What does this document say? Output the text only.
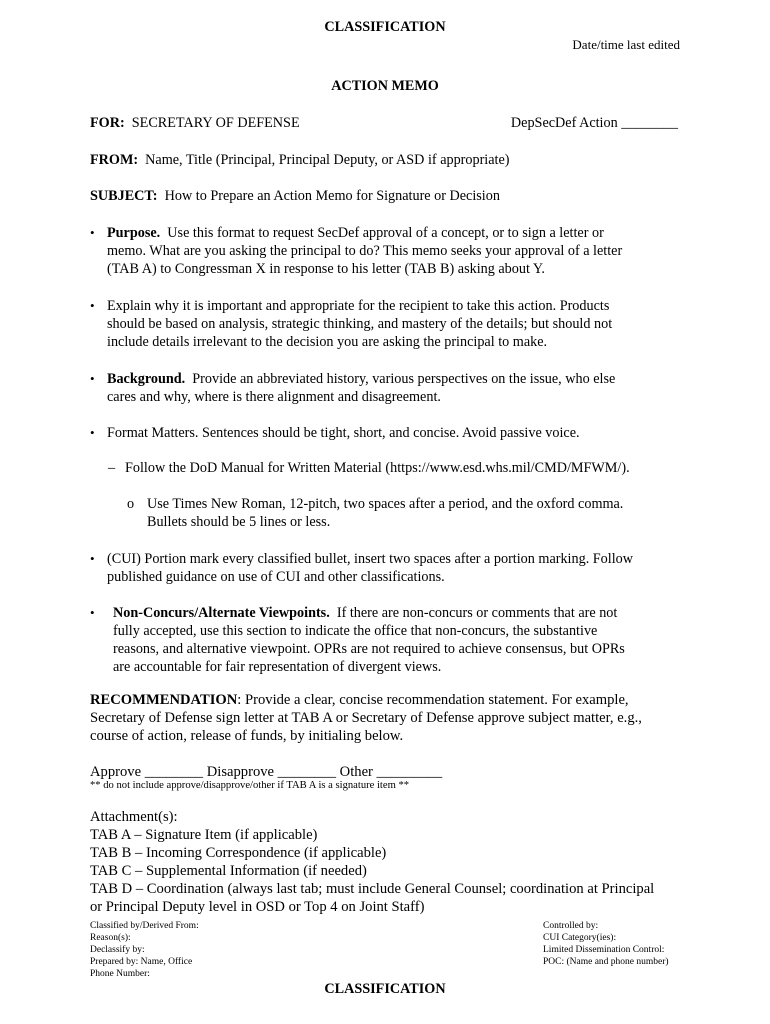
CLASSIFICATION
Date/time last edited
ACTION MEMO
FOR: SECRETARY OF DEFENSE	DepSecDef Action ________
FROM: Name, Title (Principal, Principal Deputy, or ASD if appropriate)
SUBJECT: How to Prepare an Action Memo for Signature or Decision
• Purpose. Use this format to request SecDef approval of a concept, or to sign a letter or
memo. What are you asking the principal to do? This memo seeks your approval of a letter
(TAB A) to Congressman X in response to his letter (TAB B) asking about Y.
• Explain why it is important and appropriate for the recipient to take this action. Products
should be based on analysis, strategic thinking, and mastery of the details; but should not
include details irrelevant to the decision you are asking the principal to make.
• Background. Provide an abbreviated history, various perspectives on the issue, who else
cares and why, where is there alignment and disagreement.
• Format Matters. Sentences should be tight, short, and concise. Avoid passive voice.
– Follow the DoD Manual for Written Material (https://www.esd.whs.mil/CMD/MFWM/).
o Use Times New Roman, 12-pitch, two spaces after a period, and the oxford comma.
Bullets should be 5 lines or less.
• (CUI) Portion mark every classified bullet, insert two spaces after a portion marking. Follow
published guidance on use of CUI and other classifications.
• Non-Concurs/Alternate Viewpoints. If there are non-concurs or comments that are not
fully accepted, use this section to indicate the office that non-concurs, the substantive
reasons, and alternative viewpoint. OPRs are not required to achieve consensus, but OPRs
are accountable for fair representation of divergent views.
RECOMMENDATION: Provide a clear, concise recommendation statement. For example,
Secretary of Defense sign letter at TAB A or Secretary of Defense approve subject matter, e.g.,
course of action, release of funds, by initialing below.
Approve ________ Disapprove ________ Other _________
** do not include approve/disapprove/other if TAB A is a signature item **
Attachment(s):
TAB A – Signature Item (if applicable)
TAB B – Incoming Correspondence (if applicable)
TAB C – Supplemental Information (if needed)
TAB D – Coordination (always last tab; must include General Counsel; coordination at Principal
or Principal Deputy level in OSD or Top 4 on Joint Staff)
Classified by/Derived From:
Reason(s):
Declassify by:
Prepared by: Name, Office
Phone Number:
Controlled by:
CUI Category(ies):
Limited Dissemination Control:
POC: (Name and phone number)
CLASSIFICATION
